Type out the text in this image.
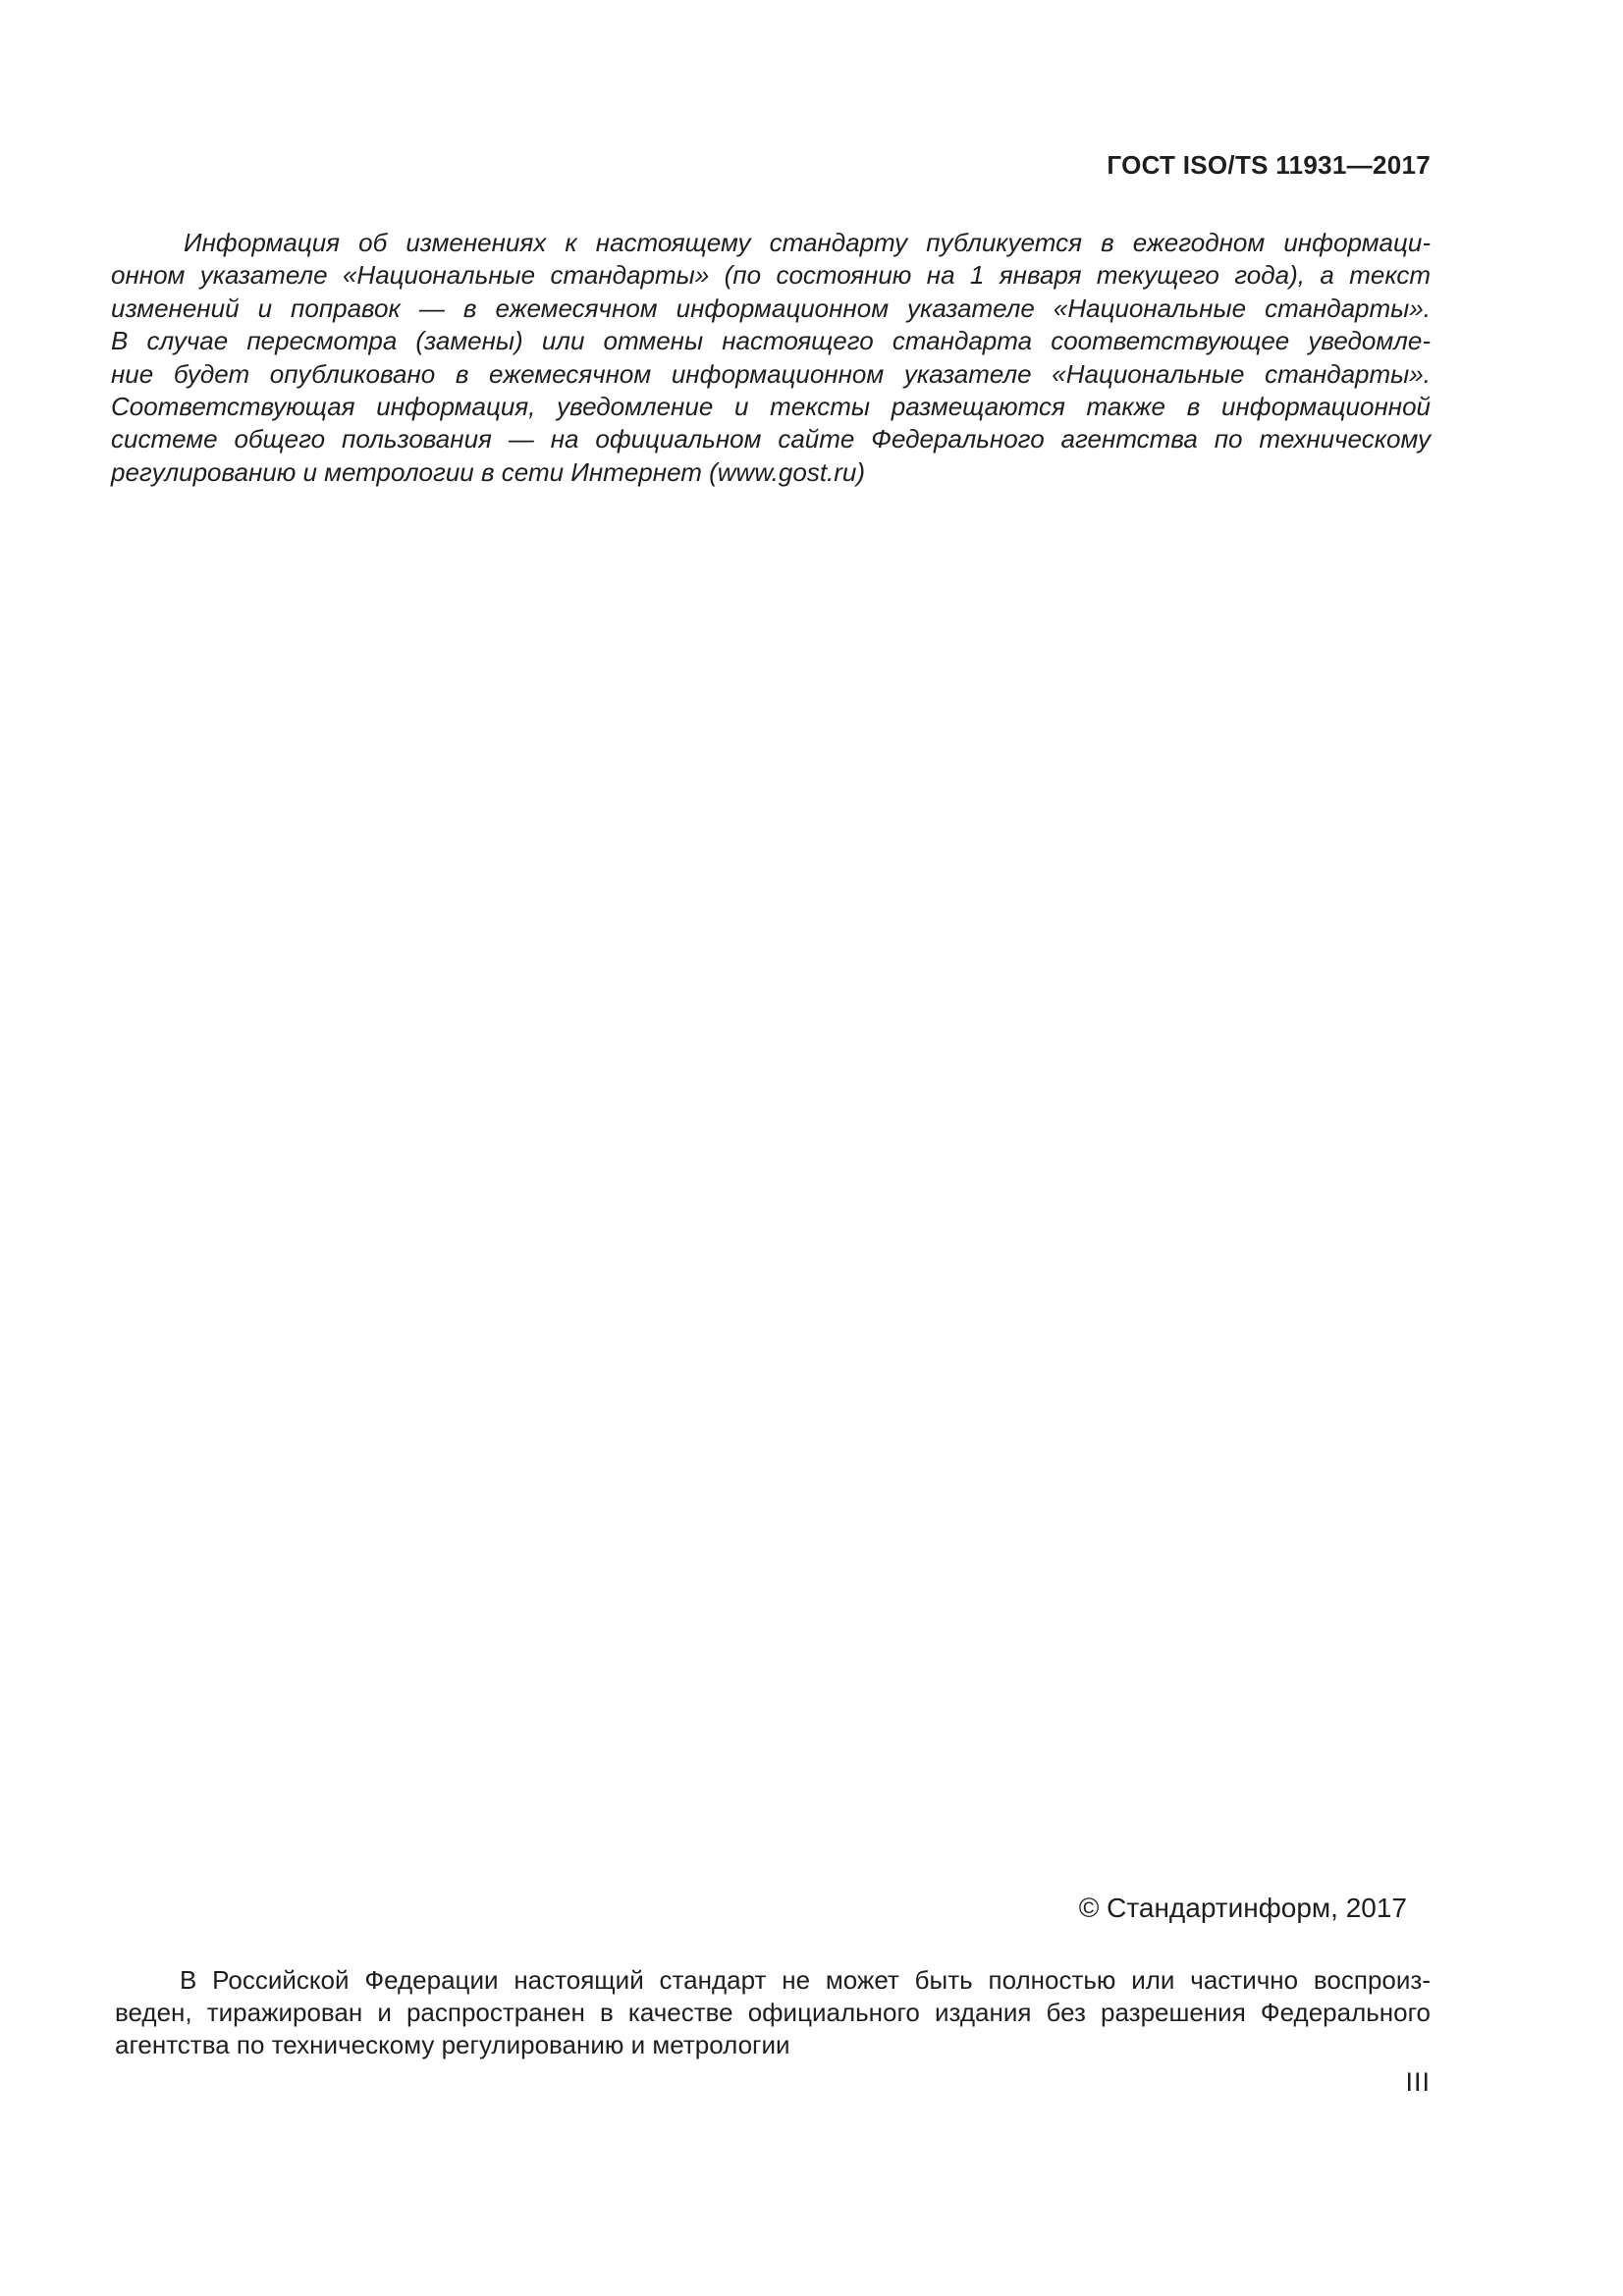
ГОСТ ISO/TS 11931—2017
Информация об изменениях к настоящему стандарту публикуется в ежегодном информаци-
онном указателе «Национальные стандарты» (по состоянию на 1 января текущего года), а текст
изменений и поправок — в ежемесячном информационном указателе «Национальные стандарты».
В случае пересмотра (замены) или отмены настоящего стандарта соответствующее уведомле-
ние будет опубликовано в ежемесячном информационном указателе «Национальные стандарты».
Соответствующая информация, уведомление и тексты размещаются также в информационной
системе общего пользования — на официальном сайте Федерального агентства по техническому
регулированию и метрологии в сети Интернет (www.gost.ru)
© Стандартинформ, 2017
В Российской Федерации настоящий стандарт не может быть полностью или частично воспроиз-
веден, тиражирован и распространен в качестве официального издания без разрешения Федерального
агентства по техническому регулированию и метрологии
III
